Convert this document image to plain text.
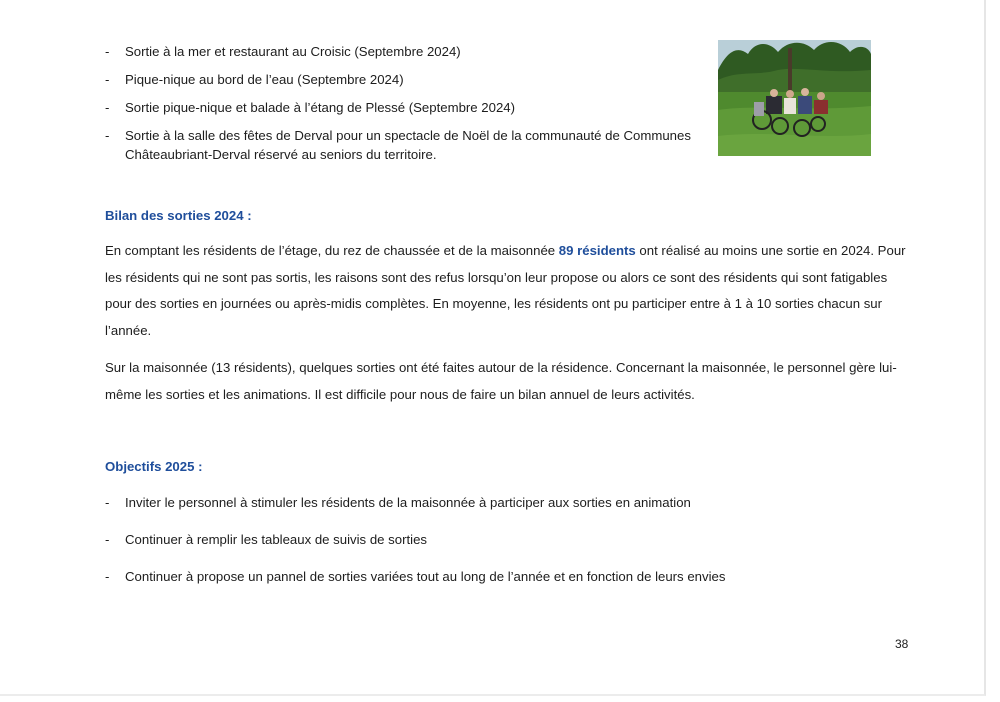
- Sortie à la mer et restaurant au Croisic (Septembre 2024)
- Pique-nique au bord de l’eau (Septembre 2024)
- Sortie pique-nique et balade à l’étang de Plessé (Septembre 2024)
- Sortie à la salle des fêtes de Derval pour un spectacle de Noël de la communauté de Communes Châteaubriant-Derval réservé au seniors du territoire.
Bilan des sorties 2024 :

En comptant les résidents de l’étage, du rez de chaussée et de la maisonnée 89 résidents ont réalisé au moins une sortie en 2024. Pour les résidents qui ne sont pas sortis, les raisons sont des refus lorsqu’on leur propose ou alors ce sont des résidents qui sont fatigables pour des sorties en journées ou après-midis complètes. En moyenne, les résidents ont pu participer entre à 1 à 10 sorties chacun sur l’année.

Sur la maisonnée (13 résidents), quelques sorties ont été faites autour de la résidence. Concernant la maisonnée, le personnel gère lui-même les sorties et les animations. Il est difficile pour nous de faire un bilan annuel de leurs activités.

Objectifs 2025 :
- Inviter le personnel à stimuler les résidents de la maisonnée à participer aux sorties en animation
- Continuer à remplir les tableaux de suivis de sorties
- Continuer à propose un pannel de sorties variées tout au long de l’année et en fonction de leurs envies
38
